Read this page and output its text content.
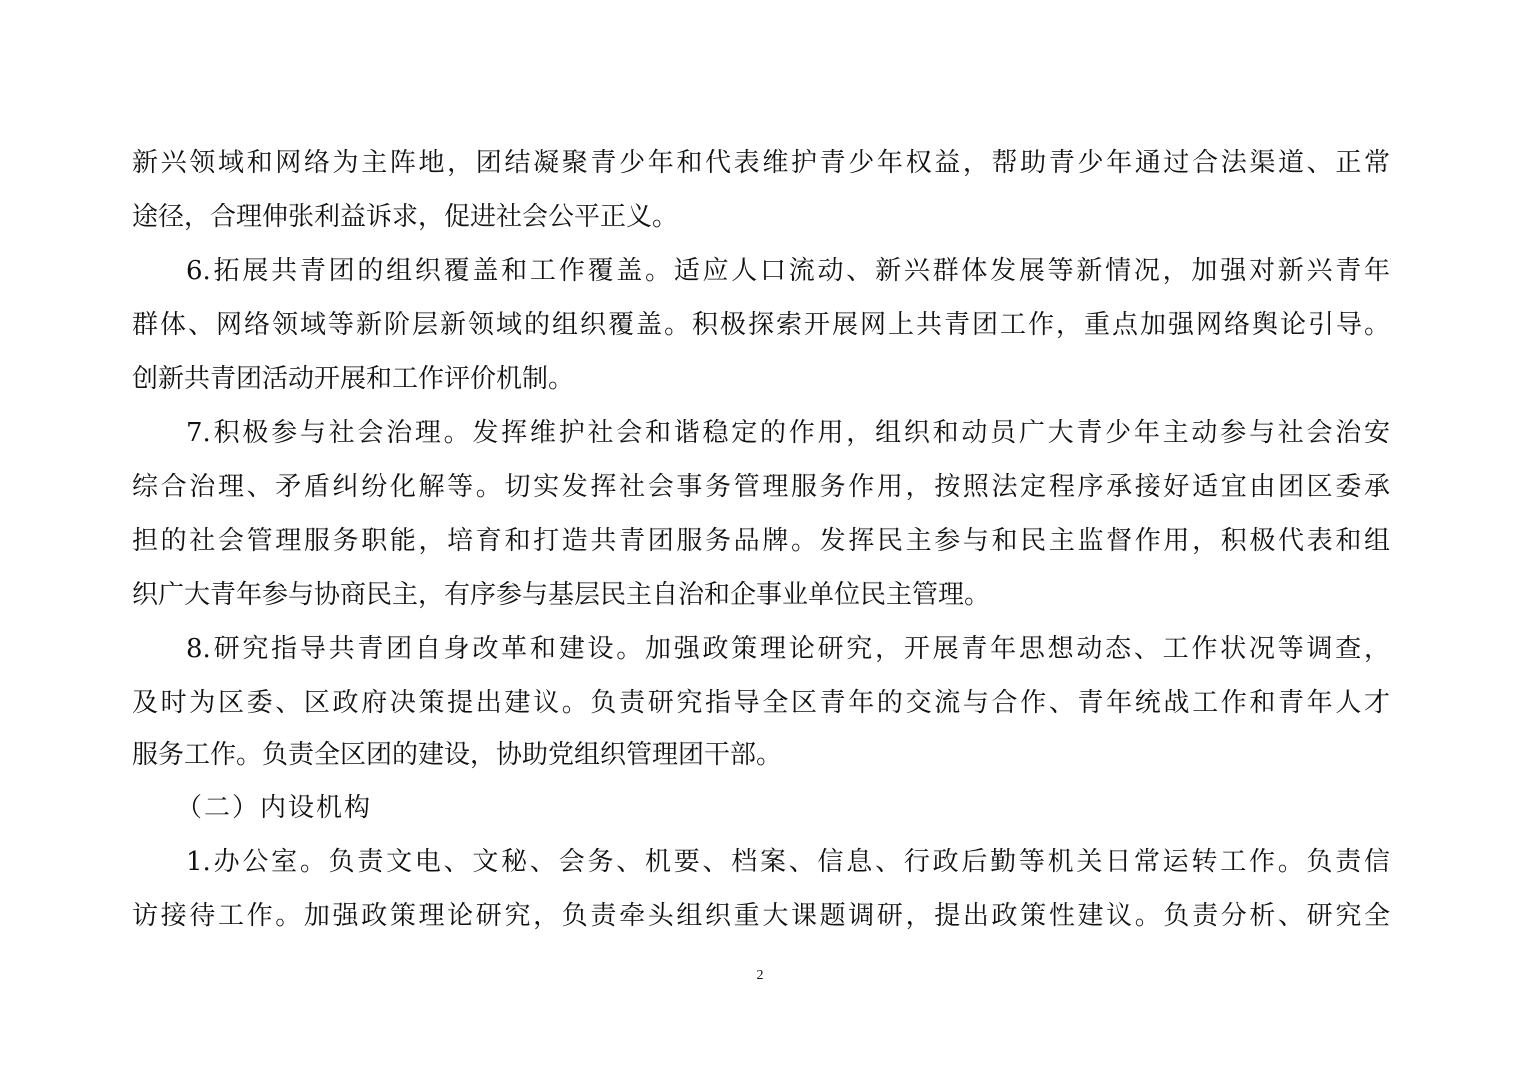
新兴领域和网络为主阵地，团结凝聚青少年和代表维护青少年权益，帮助青少年通过合法渠道、正常
途径，合理伸张利益诉求，促进社会公平正义。
6.拓展共青团的组织覆盖和工作覆盖。适应人口流动、新兴群体发展等新情况，加强对新兴青年
群体、网络领域等新阶层新领域的组织覆盖。积极探索开展网上共青团工作，重点加强网络舆论引导。
创新共青团活动开展和工作评价机制。
7.积极参与社会治理。发挥维护社会和谐稳定的作用，组织和动员广大青少年主动参与社会治安
综合治理、矛盾纠纷化解等。切实发挥社会事务管理服务作用，按照法定程序承接好适宜由团区委承
担的社会管理服务职能，培育和打造共青团服务品牌。发挥民主参与和民主监督作用，积极代表和组
织广大青年参与协商民主，有序参与基层民主自治和企事业单位民主管理。
8.研究指导共青团自身改革和建设。加强政策理论研究，开展青年思想动态、工作状况等调查，
及时为区委、区政府决策提出建议。负责研究指导全区青年的交流与合作、青年统战工作和青年人才
服务工作。负责全区团的建设，协助党组织管理团干部。
（二）内设机构
1.办公室。负责文电、文秘、会务、机要、档案、信息、行政后勤等机关日常运转工作。负责信
访接待工作。加强政策理论研究，负责牵头组织重大课题调研，提出政策性建议。负责分析、研究全
2
